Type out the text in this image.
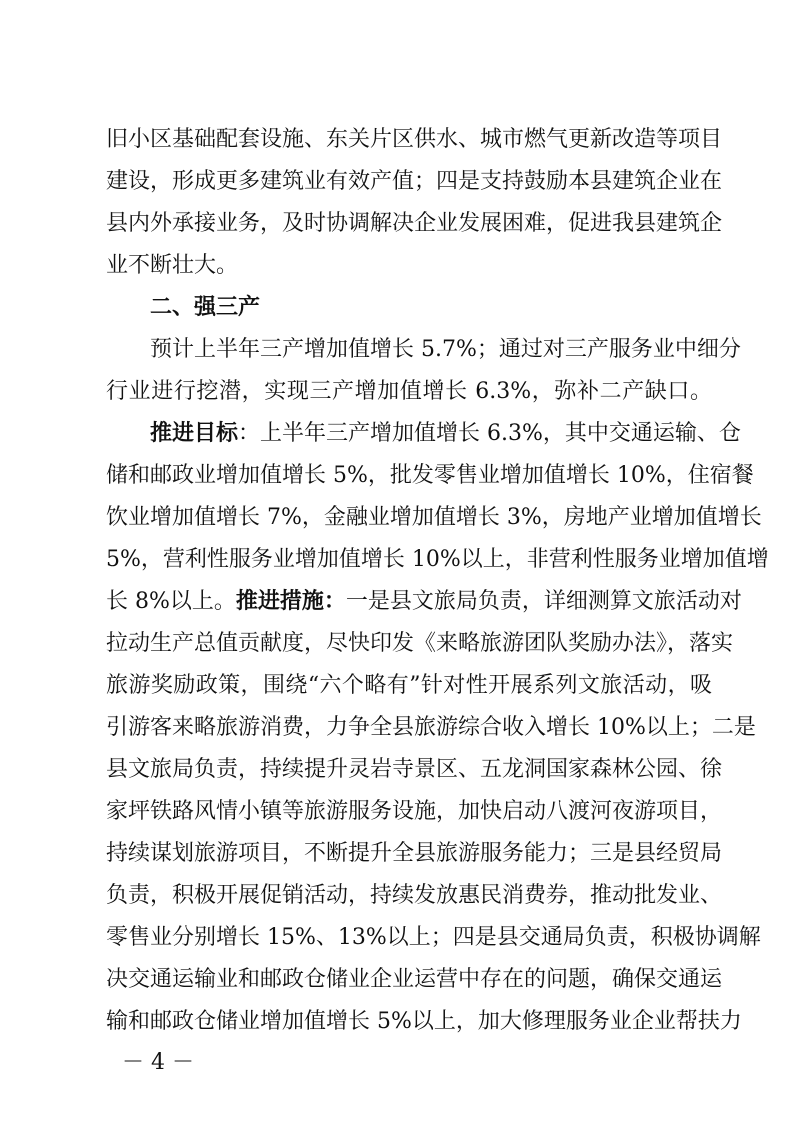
旧小区基础配套设施、东关片区供水、城市燃气更新改造等项目
建设，形成更多建筑业有效产值；四是支持鼓励本县建筑企业在
县内外承接业务，及时协调解决企业发展困难，促进我县建筑企
业不断壮大。
二、强三产
预计上半年三产增加值增长 5.7%；通过对三产服务业中细分
行业进行挖潜，实现三产增加值增长 6.3%，弥补二产缺口。
推进目标：上半年三产增加值增长 6.3%，其中交通运输、仓
储和邮政业增加值增长 5%，批发零售业增加值增长 10%，住宿餐
饮业增加值增长 7%，金融业增加值增长 3%，房地产业增加值增长
5%，营利性服务业增加值增长 10%以上，非营利性服务业增加值增
长 8%以上。推进措施：一是县文旅局负责，详细测算文旅活动对
拉动生产总值贡献度，尽快印发《来略旅游团队奖励办法》，落实
旅游奖励政策，围绕“六个略有”针对性开展系列文旅活动，吸
引游客来略旅游消费，力争全县旅游综合收入增长 10%以上；二是
县文旅局负责，持续提升灵岩寺景区、五龙洞国家森林公园、徐
家坪铁路风情小镇等旅游服务设施，加快启动八渡河夜游项目，
持续谋划旅游项目，不断提升全县旅游服务能力；三是县经贸局
负责，积极开展促销活动，持续发放惠民消费券，推动批发业、
零售业分别增长 15%、13%以上；四是县交通局负责，积极协调解
决交通运输业和邮政仓储业企业运营中存在的问题，确保交通运
输和邮政仓储业增加值增长 5%以上，加大修理服务业企业帮扶力
－ 4 －
